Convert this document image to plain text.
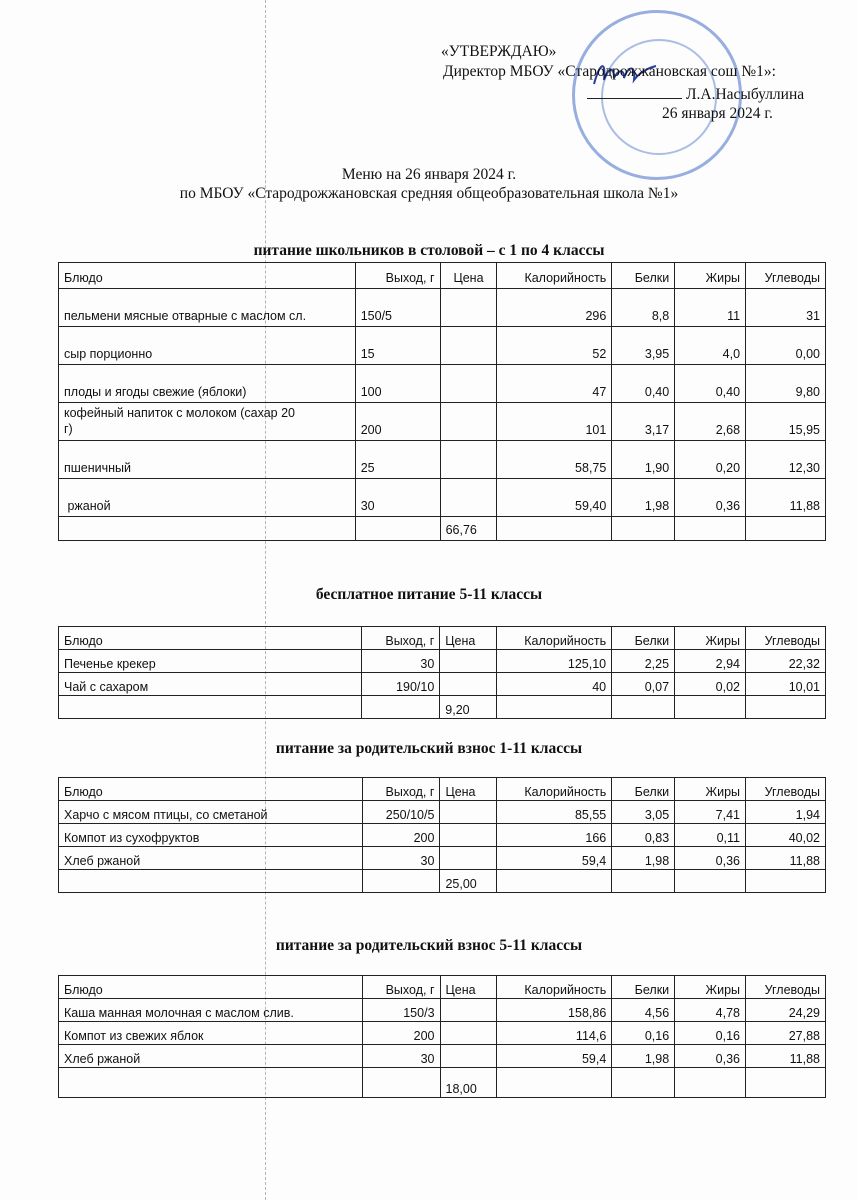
«УТВЕРЖДАЮ»
Директор МБОУ «Стародрожжановская сош №1»:
Л.А.Насыбуллина
26 января 2024 г.
Меню на 26 января 2024 г.
по МБОУ «Стародрожжановская средняя общеобразовательная школа №1»
питание школьников в столовой – с 1 по 4 классы
Блюдо	Выход, г	Цена	Калорийность	Белки	Жиры	Углеводы
пельмени мясные отварные с маслом сл.	150/5		296	8,8	11	31
сыр порционно	15		52	3,95	4,0	0,00
плоды и ягоды свежие (яблоки)	100		47	0,40	0,40	9,80

кофейный напиток с молоком (сахар 20
г)	200		101	3,17	2,68	15,95
пшеничный	25		58,75	1,90	0,20	12,30
ржаной	30		59,40	1,98	0,36	11,88
		66,76				
бесплатное питание 5-11 классы
Блюдо	Выход, г	Цена	Калорийность	Белки	Жиры	Углеводы
Печенье крекер	30		125,10	2,25	2,94	22,32
Чай с сахаром	190/10		40	0,07	0,02	10,01
		9,20				
питание за родительский взнос 1-11 классы
Блюдо	Выход, г	Цена	Калорийность	Белки	Жиры	Углеводы
Харчо с мясом птицы, со сметаной	250/10/5		85,55	3,05	7,41	1,94
Компот из сухофруктов	200		166	0,83	0,11	40,02
Хлеб ржаной	30		59,4	1,98	0,36	11,88
		25,00				
питание за родительский взнос 5-11 классы
Блюдо	Выход, г	Цена	Калорийность	Белки	Жиры	Углеводы
Каша манная молочная с маслом слив.	150/3		158,86	4,56	4,78	24,29
Компот из свежих яблок	200		114,6	0,16	0,16	27,88
Хлеб ржаной	30		59,4	1,98	0,36	11,88
		18,00				
